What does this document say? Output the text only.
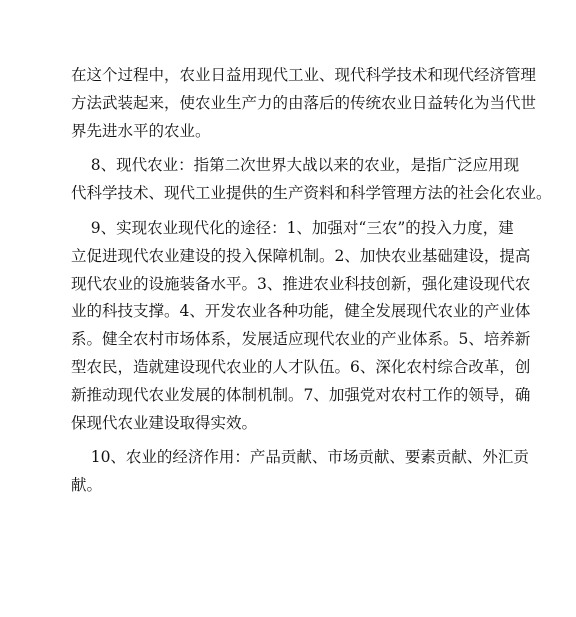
在这个过程中，农业日益用现代工业、现代科学技术和现代经济管理
方法武装起来，使农业生产力的由落后的传统农业日益转化为当代世
界先进水平的农业。
8、现代农业：指第二次世界大战以来的农业，是指广泛应用现
代科学技术、现代工业提供的生产资料和科学管理方法的社会化农业。
9、实现农业现代化的途径：1、加强对“三农”的投入力度，建
立促进现代农业建设的投入保障机制。2、加快农业基础建设，提高
现代农业的设施装备水平。3、推进农业科技创新，强化建设现代农
业的科技支撑。4、开发农业各种功能，健全发展现代农业的产业体
系。健全农村市场体系，发展适应现代农业的产业体系。5、培养新
型农民，造就建设现代农业的人才队伍。6、深化农村综合改革，创
新推动现代农业发展的体制机制。7、加强党对农村工作的领导，确
保现代农业建设取得实效。
10、农业的经济作用：产品贡献、市场贡献、要素贡献、外汇贡
献。
